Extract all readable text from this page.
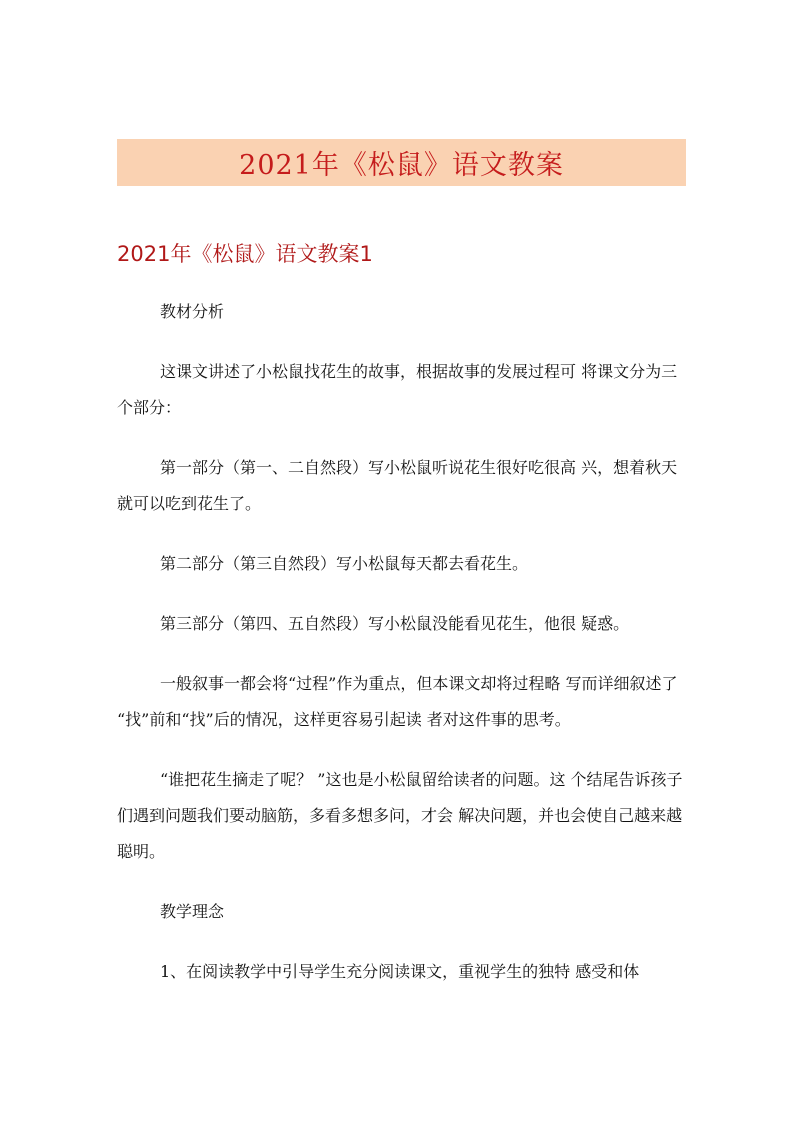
2021年《松鼠》语文教案
2021年《松鼠》语文教案1

教材分析

这课文讲述了小松鼠找花生的故事，根据故事的发展过程可 将课文分为三个部分：

第一部分（第一、二自然段）写小松鼠听说花生很好吃很高 兴，想着秋天就可以吃到花生了。

第二部分（第三自然段）写小松鼠每天都去看花生。

第三部分（第四、五自然段）写小松鼠没能看见花生，他很 疑惑。

一般叙事一都会将“过程”作为重点，但本课文却将过程略 写而详细叙述了 “找”前和“找”后的情况，这样更容易引起读 者对这件事的思考。

“谁把花生摘走了呢？ ”这也是小松鼠留给读者的问题。这 个结尾告诉孩子们遇到问题我们要动脑筋，多看多想多问，才会 解决问题，并也会使自己越来越聪明。

教学理念

1、在阅读教学中引导学生充分阅读课文，重视学生的独特 感受和体
